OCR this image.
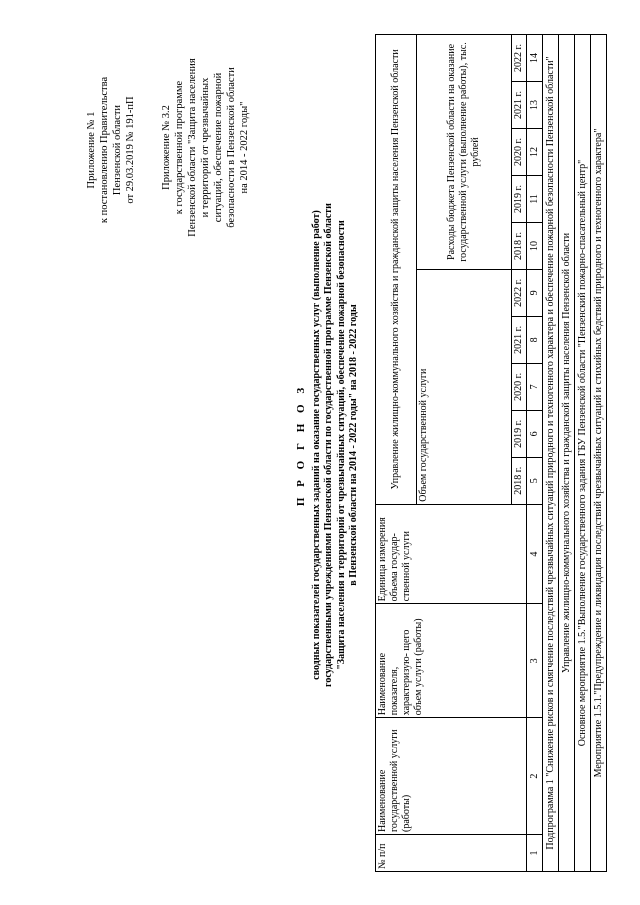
Приложение № 1 к постановлению Правительства Пензенской области от 29.03.2019 № 191-пП Приложение № 3.2 к государственной программе Пензенской области "Защита населения и территорий от чрезвычайных ситуаций, обеспечение пожарной безопасности в Пензенской области на 2014 - 2022 годы"
П Р О Г Н О З сводных показателей государственных заданий на оказание государственных услуг (выполнение работ) государственными учреждениями Пензенской области по государственной программе Пензенской области "Защита населения и территорий от чрезвычайных ситуаций, обеспечение пожарной безопасности в Пензенской области на 2014 - 2022 годы" на 2018 - 2022 годы
№ п/п	Наименование государственной услуги (работы)	Наименование показателя, характеризую- щего объем услуги (работы)	Единица измерения объема государ- ственной услуги	Управление жилищно-коммунального хозяйства и гражданской защиты населения Пензенской области									
				Объем государственной услуги					Расходы бюджета Пензенской области на оказание государственной услуги (выполнение работы), тыс. рублей				
				2018 г.	2019 г.	2020 г.	2021 г.	2022 г.	2018 г.	2019 г.	2020 г.	2021 г.	2022 г.
1	2	3	4	5	6	7	8	9	10	11	12	13	14
Подпрограмма 1 "Снижение рисков и смягчение последствий чрезвычайных ситуаций природного и техногенного характера и обеспечение пожарной безопасности Пензенской области"													
Управление жилищно-коммунального хозяйства и гражданской защиты населения Пензенской области													
Основное мероприятие 1.5."Выполнение государственного задания ГБУ Пензенской области "Пензенский пожарно-спасательный центр"													
Мероприятие 1.5.1."Предупреждение и ликвидация последствий чрезвычайных ситуаций и стихийных бедствий природного и техногенного характера"													
